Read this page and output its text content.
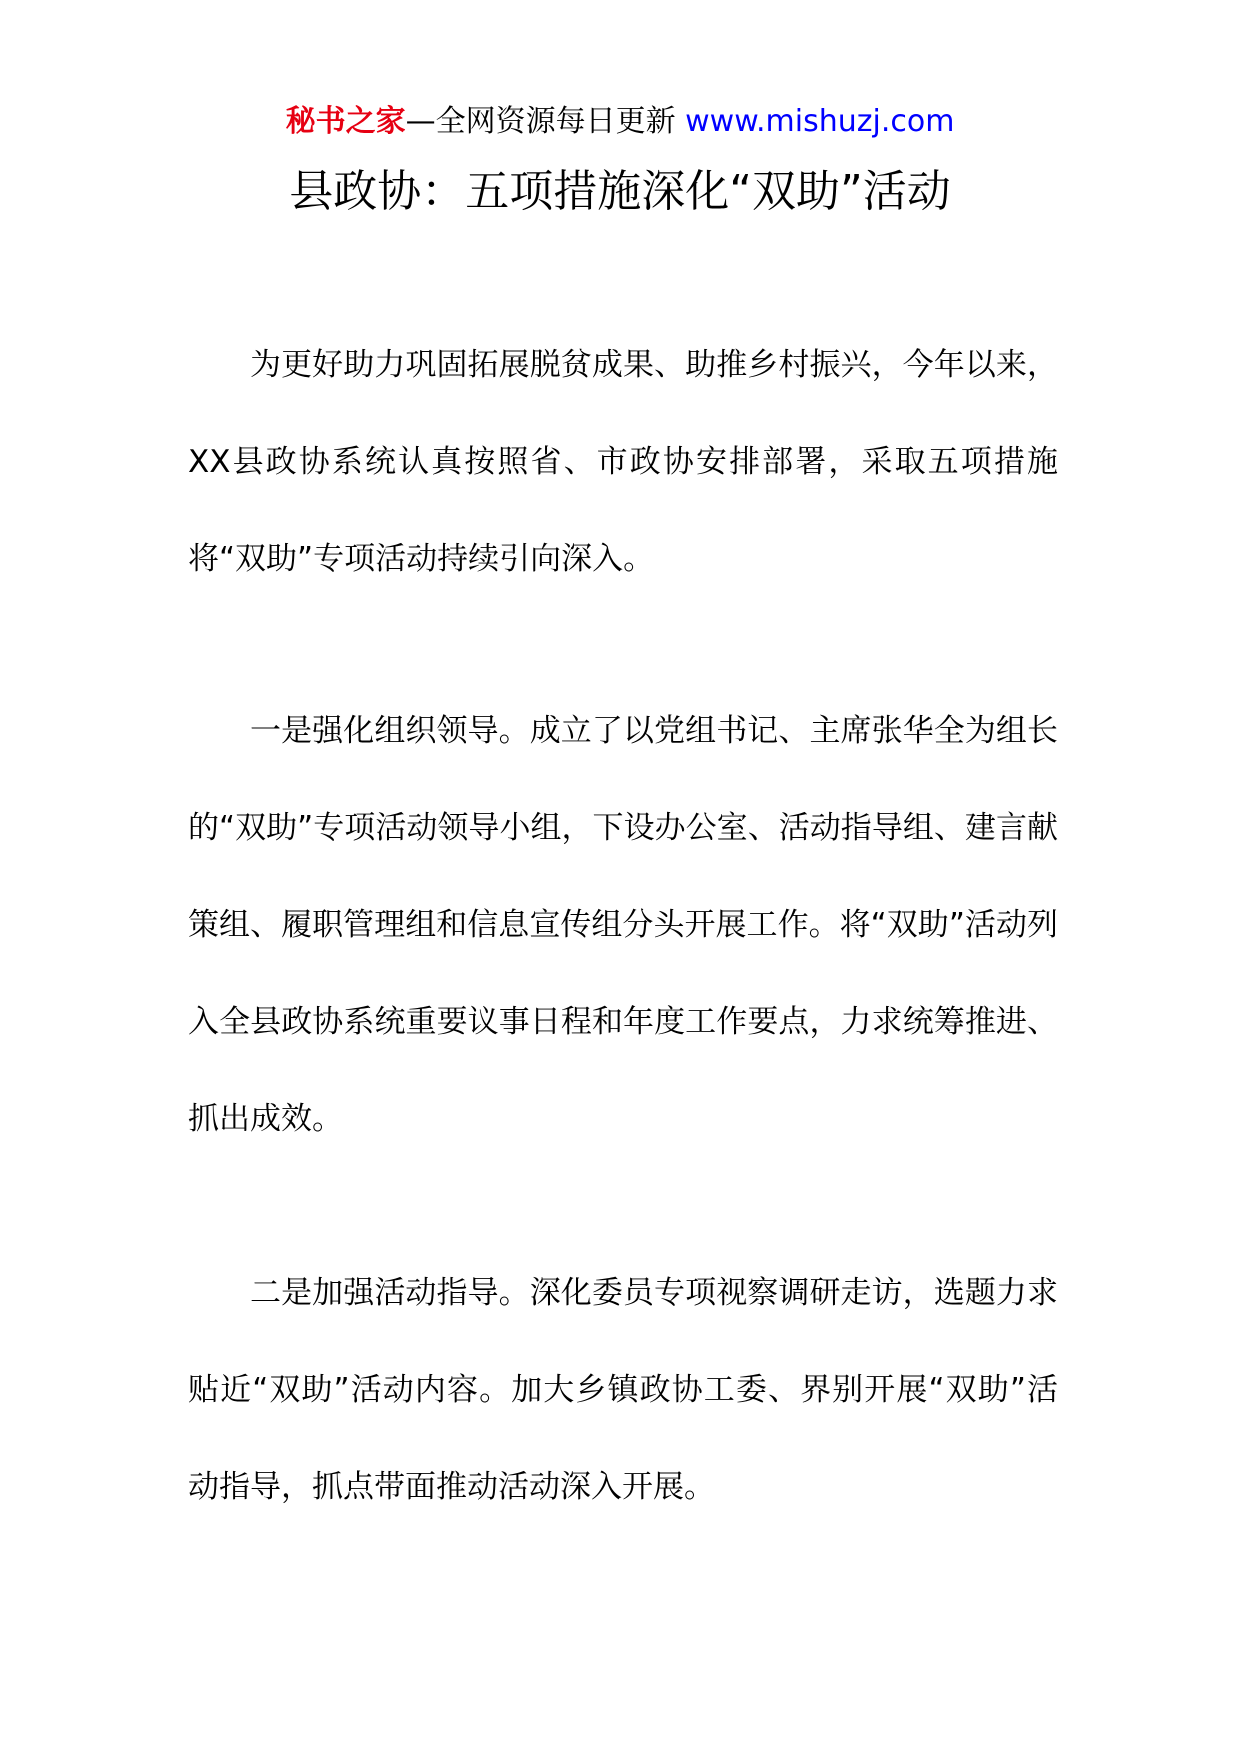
秘书之家—全网资源每日更新 www.mishuzj.com
县政协：五项措施深化“双助”活动

为更好助力巩固拓展脱贫成果、助推乡村振兴，今年以来，XX县政协系统认真按照省、市政协安排部署，采取五项措施将“双助”专项活动持续引向深入。

一是强化组织领导。成立了以党组书记、主席张华全为组长的“双助”专项活动领导小组，下设办公室、活动指导组、建言献策组、履职管理组和信息宣传组分头开展工作。将“双助”活动列入全县政协系统重要议事日程和年度工作要点，力求统筹推进、抓出成效。

二是加强活动指导。深化委员专项视察调研走访，选题力求贴近“双助”活动内容。加大乡镇政协工委、界别开展“双助”活动指导，抓点带面推动活动深入开展。
